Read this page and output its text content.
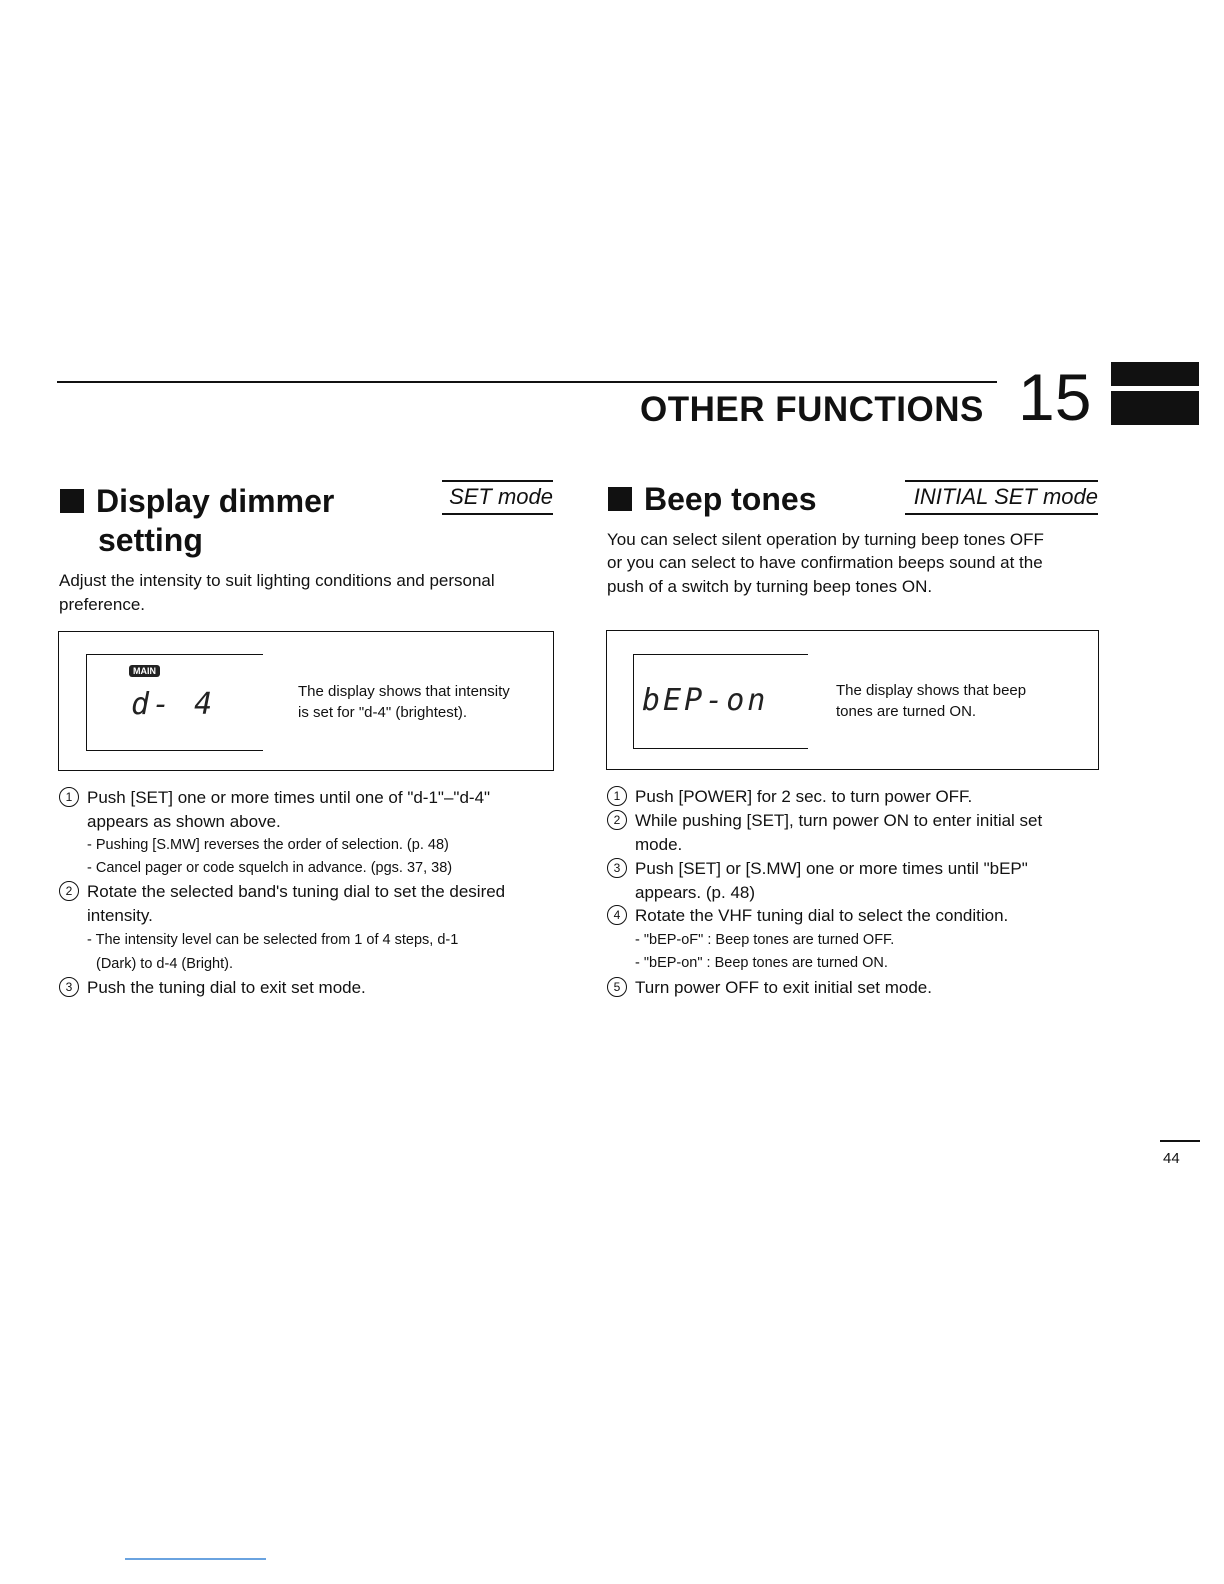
OTHER FUNCTIONS 15
Display dimmer
setting
SET mode
Adjust the intensity to suit lighting conditions and personal
preference.
MAIN
d- 4	The display shows that intensity
is set for "d-4" (brightest).
1 Push [SET] one or more times until one of "d-1"–"d-4"
appears as shown above.
- Pushing [S.MW] reverses the order of selection. (p. 48)
- Cancel pager or code squelch in advance. (pgs. 37, 38)
2 Rotate the selected band's tuning dial to set the desired
intensity.
- The intensity level can be selected from 1 of 4 steps, d-1
(Dark) to d-4 (Bright).
3 Push the tuning dial to exit set mode.
Beep tones	INITIAL SET mode
You can select silent operation by turning beep tones OFF
or you can select to have confirmation beeps sound at the
push of a switch by turning beep tones ON.
bEP-on	The display shows that beep
tones are turned ON.
1 Push [POWER] for 2 sec. to turn power OFF.
2 While pushing [SET], turn power ON to enter initial set
mode.
3 Push [SET] or [S.MW] one or more times until "bEP"
appears. (p. 48)
4 Rotate the VHF tuning dial to select the condition.
- "bEP-oF" : Beep tones are turned OFF.
- "bEP-on" : Beep tones are turned ON.
5 Turn power OFF to exit initial set mode.
44
